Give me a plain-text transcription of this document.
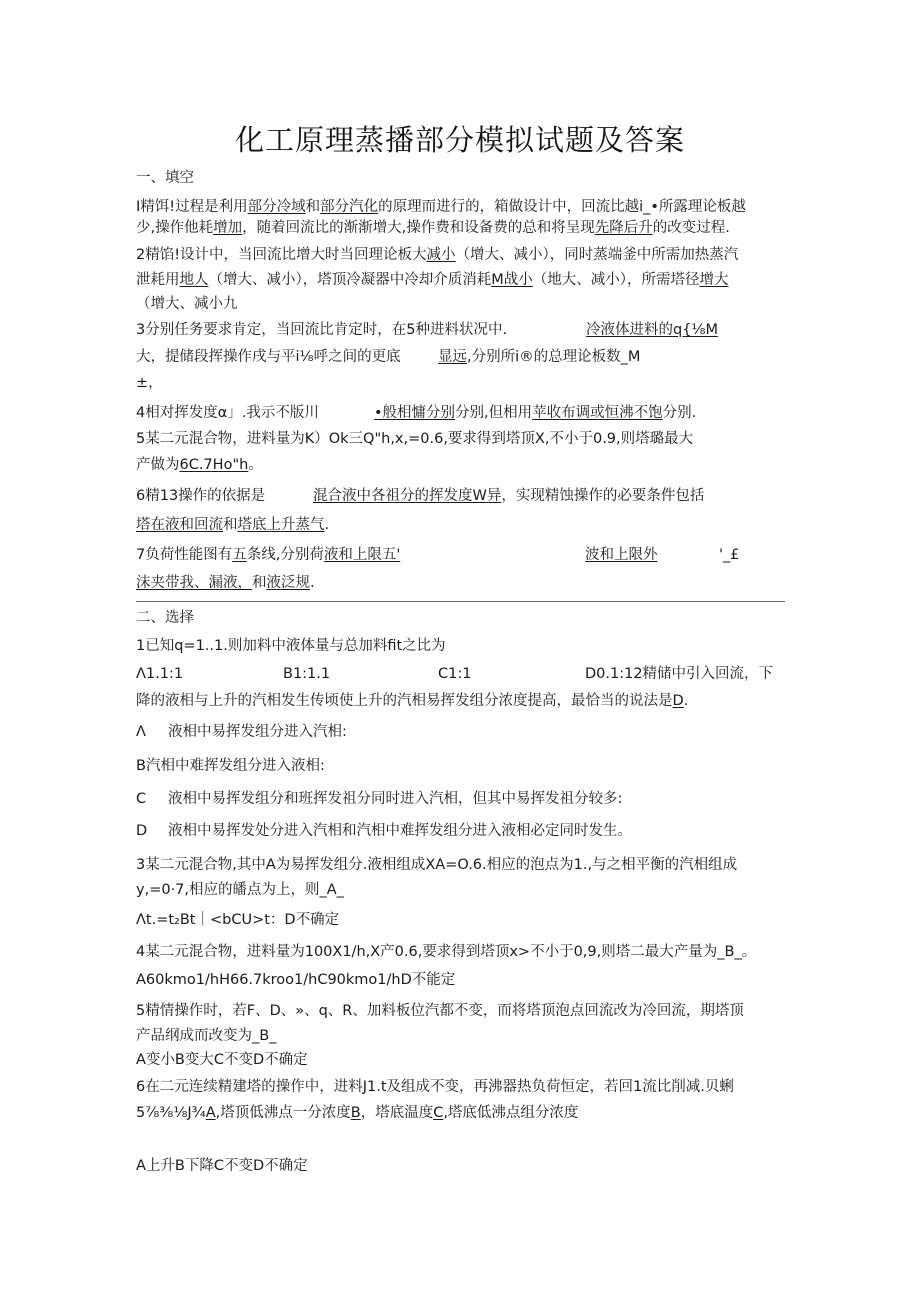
化工原理蒸播部分模拟试题及答案
一、填空
I精饵!过程是利用部分冷域和部分汽化的原理而进行的，箱做设计中，回流比越i_•所露理论板越
少,操作他耗增加，随着回流比的渐渐增大,操作费和设备费的总和将呈现先降后升的改变过程.
2精馅!设计中，当回流比增大时当回理论板大减小（增大、减小），同时蒸端釜中所需加热蒸汽
泄耗用地人（增大、减小），塔顶冷凝器中冷却介质消耗M战小（地大、减小），所需塔径增大
（增大、减小九
3分别任务要求肯定，当回流比肯定时，在5种进料状况中.	冷液体进料的q{⅛M
大，提储段挥操作戌与平i⅛呼之间的更底	显远,分别所i®的总理论板数_M
±，
4相对挥发度α」.我示不版川	•般相慵分别分别,但相用苹收布调或恒沸不饱分别.
5某二元混合物，进料量为K）Ok三Q"h,x,=0.6,要求得到塔顶X,不小于0.9,则塔璐最大
产做为6C.7Ho"h。
6精13操作的依据是	混合液中各祖分的挥发度W异，实现精蚀操作的必要条件包括
塔在液和回流和塔底上升蒸气.
7负荷性能图有五条线,分别荷液和上限五'	波和上限外	'_£
沫夹带我、漏液，和液泛规.
二、选择
1已知q=1..1.则加料中液体量与总加料fit之比为
Λ1.1:1	B1:1.1	C1:1	D0.1:12精储中引入回流，下
降的液相与上升的汽相发生传顷使上升的汽相易挥发组分浓度提高，最恰当的说法是D.
Λ 液相中易挥发组分进入汽相:
B汽相中难挥发组分进入液相:
C 液相中易挥发组分和班挥发祖分同时进入汽相，但其中易挥发祖分较多:
D 液相中易挥发处分进入汽相和汽相中难挥发组分进入液相必定同时发生。
3某二元混合物,其中A为易挥发组分.液相组成XA=O.6.相应的泡点为1.,与之相平衡的汽相组成
y,=0·7,相应的皤点为上，则_A_
Λt.=t₂Bt｜<bCU>t：D不确定
4某二元混合物，进料量为100X1∕h,X产0.6,要求得到塔顶x>不小于0,9,则塔二最大产量为_B_。
A60kmo1∕hH66.7kroo1∕hC90kmo1∕hD不能定
5精情操作时，若F、D、»、q、R、加料板位汽都不变，而将塔顶泡点回流改为冷回流，期塔顶
产品纲成而改变为_B_
A变小B变大C不变D不确定
6在二元连续精建塔的操作中，进料J1.t及组成不变，再沸器热负荷恒定，若回1流比削减.贝蜊
5⅞⅜⅛J¾A,塔顶低沸点一分浓度B，塔底温度C,塔底低沸点组分浓度
A上升B下降C不变D不确定
